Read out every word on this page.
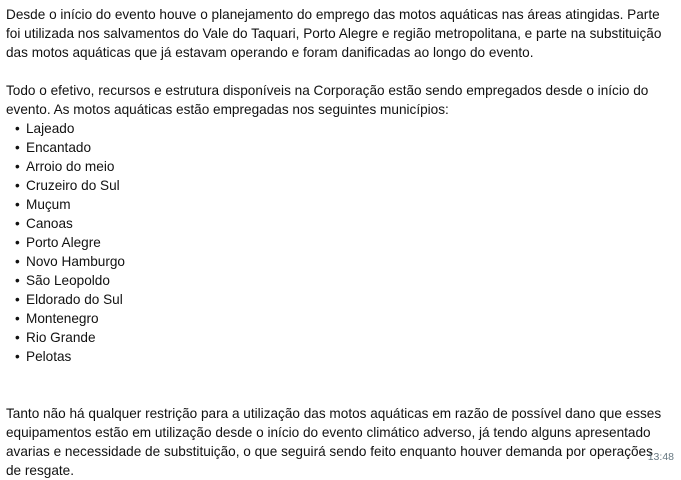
Desde o início do evento houve o planejamento do emprego das motos aquáticas nas áreas atingidas. Parte foi utilizada nos salvamentos do Vale do Taquari, Porto Alegre e região metropolitana, e parte na substituição das motos aquáticas que já estavam operando e foram danificadas ao longo do evento.

Todo o efetivo, recursos e estrutura disponíveis na Corporação estão sendo empregados desde o início do evento. As motos aquáticas estão empregadas nos seguintes municípios:

• Lajeado
• Encantado
• Arroio do meio
• Cruzeiro do Sul
• Muçum
• Canoas
• Porto Alegre
• Novo Hamburgo
• São Leopoldo
• Eldorado do Sul
• Montenegro
• Rio Grande
• Pelotas

Tanto não há qualquer restrição para a utilização das motos aquáticas em razão de possível dano que esses equipamentos estão em utilização desde o início do evento climático adverso, já tendo alguns apresentado avarias e necessidade de substituição, o que seguirá sendo feito enquanto houver demanda por operações de resgate.

13:48
